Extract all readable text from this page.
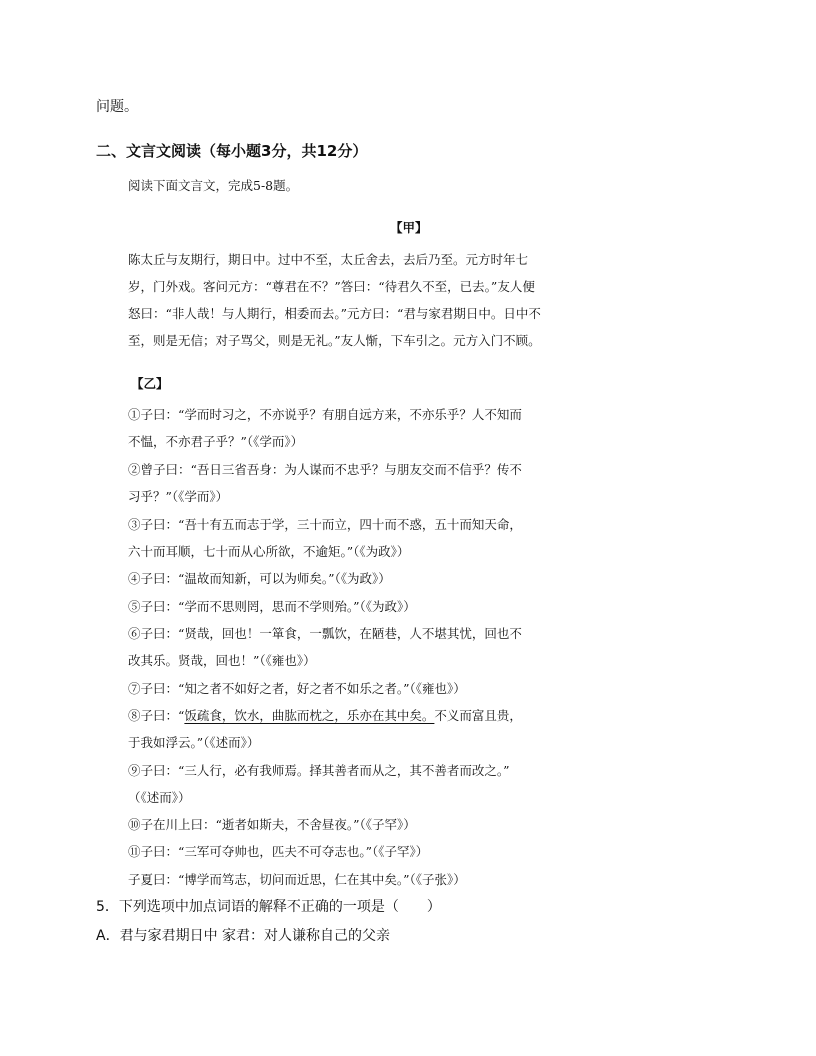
问题。
二、文言文阅读（每小题3分，共12分）
阅读下面文言文，完成5-8题。
【甲】
陈太丘与友期行，期日中。过中不至，太丘舍去，去后乃至。元方时年七
岁，门外戏。客问元方：“尊君在不？”答曰：“待君久不至，已去。”友人便
怒曰：“非人哉！与人期行，相委而去。”元方曰：“君与家君期日中。日中不
至，则是无信；对子骂父，则是无礼。”友人惭，下车引之。元方入门不顾。
【乙】
①子曰：“学而时习之，不亦说乎？有朋自远方来，不亦乐乎？人不知而
不愠，不亦君子乎？”（《学而》）
②曾子曰：“吾日三省吾身：为人谋而不忠乎？与朋友交而不信乎？传不
习乎？”（《学而》）
③子曰：“吾十有五而志于学，三十而立，四十而不惑，五十而知天命，
六十而耳顺，七十而从心所欲，不逾矩。”（《为政》）
④子曰：“温故而知新，可以为师矣。”（《为政》）
⑤子曰：“学而不思则罔，思而不学则殆。”（《为政》）
⑥子曰：“贤哉，回也！一箪食，一瓢饮，在陋巷，人不堪其忧，回也不
改其乐。贤哉，回也！”（《雍也》）
⑦子曰：“知之者不如好之者，好之者不如乐之者。”（《雍也》）
⑧子曰：“饭疏食，饮水，曲肱而枕之，乐亦在其中矣。不义而富且贵，
于我如浮云。”（《述而》）
⑨子曰：“三人行，必有我师焉。择其善者而从之，其不善者而改之。”
（《述而》）
⑩子在川上曰：“逝者如斯夫，不舍昼夜。”（《子罕》）
⑪子曰：“三军可夺帅也，匹夫不可夺志也。”（《子罕》）
子夏曰：“博学而笃志，切问而近思，仁在其中矣。”（《子张》）
5．下列选项中加点词语的解释不正确的一项是（　　）
A．君与家君期日中 家君：对人谦称自己的父亲
